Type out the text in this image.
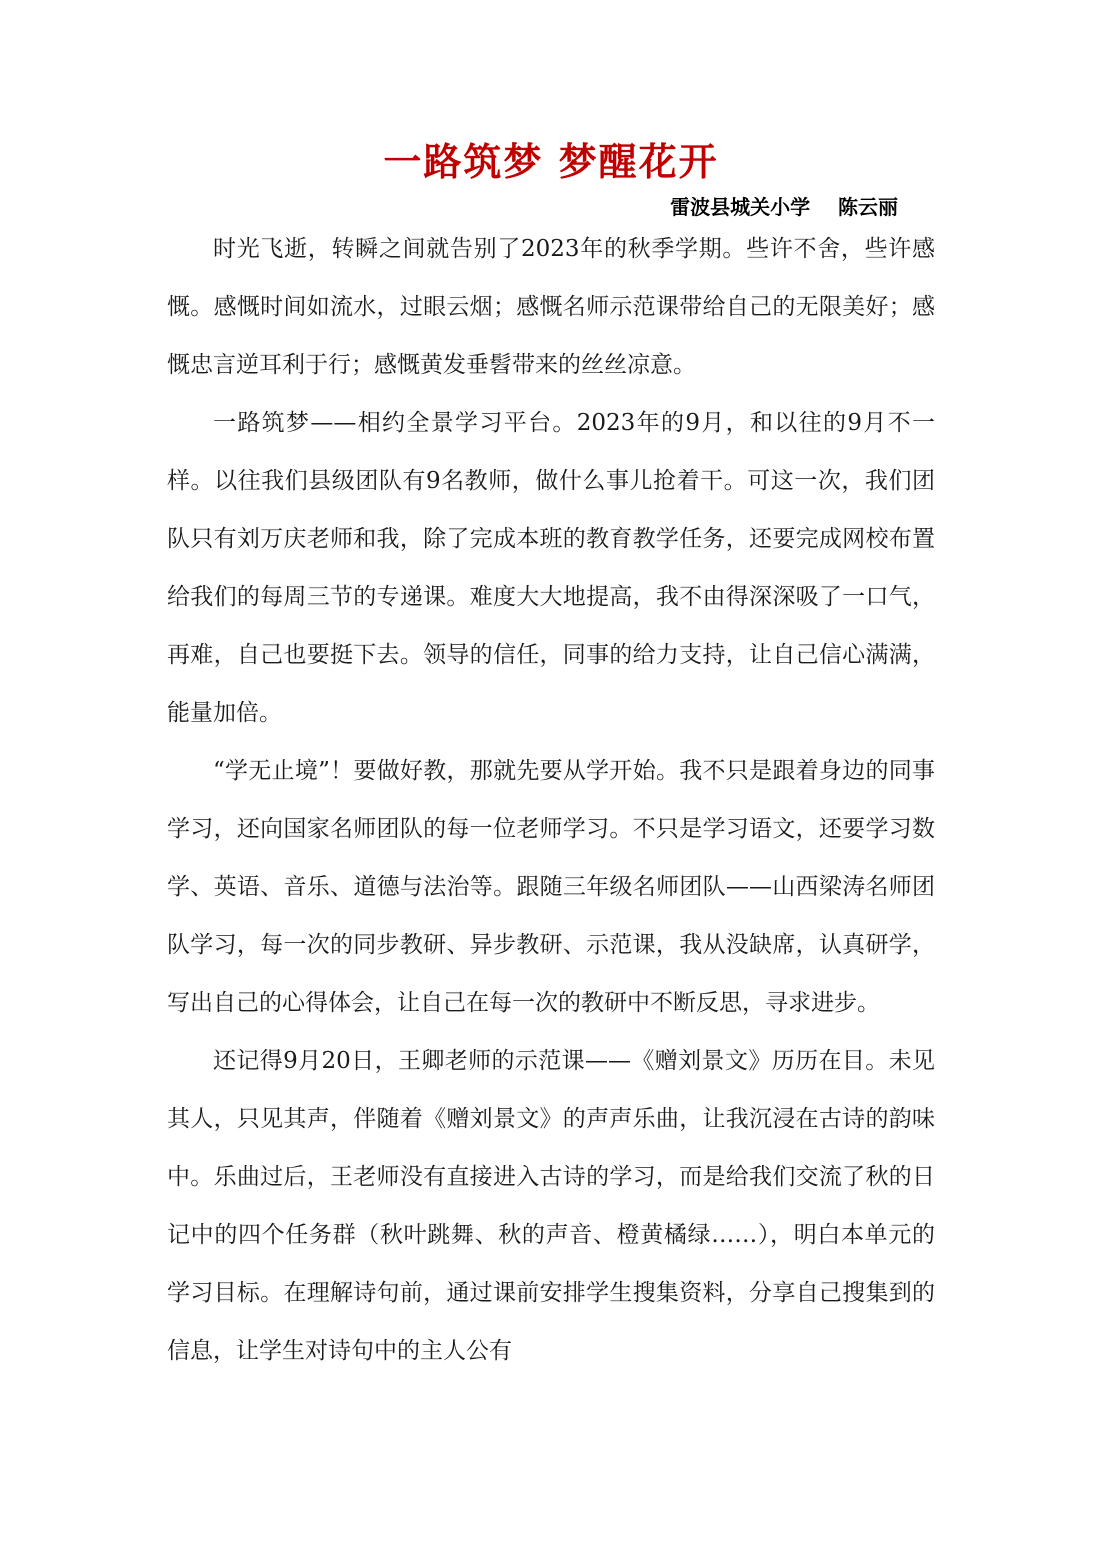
一路筑梦 梦醒花开
雷波县城关小学    陈云丽

时光飞逝，转瞬之间就告别了2023年的秋季学期。些许不舍，些许感慨。感慨时间如流水，过眼云烟；感慨名师示范课带给自己的无限美好；感慨忠言逆耳利于行；感慨黄发垂髫带来的丝丝凉意。

一路筑梦——相约全景学习平台。2023年的9月，和以往的9月不一样。以往我们县级团队有9名教师，做什么事儿抢着干。可这一次，我们团队只有刘万庆老师和我，除了完成本班的教育教学任务，还要完成网校布置给我们的每周三节的专递课。难度大大地提高，我不由得深深吸了一口气，再难，自己也要挺下去。领导的信任，同事的给力支持，让自己信心满满，能量加倍。

“学无止境”！要做好教，那就先要从学开始。我不只是跟着身边的同事学习，还向国家名师团队的每一位老师学习。不只是学习语文，还要学习数学、英语、音乐、道德与法治等。跟随三年级名师团队——山西梁涛名师团队学习，每一次的同步教研、异步教研、示范课，我从没缺席，认真研学，写出自己的心得体会，让自己在每一次的教研中不断反思，寻求进步。

还记得9月20日，王卿老师的示范课——《赠刘景文》历历在目。未见其人，只见其声，伴随着《赠刘景文》的声声乐曲，让我沉浸在古诗的韵味中。乐曲过后，王老师没有直接进入古诗的学习，而是给我们交流了秋的日记中的四个任务群（秋叶跳舞、秋的声音、橙黄橘绿……），明白本单元的学习目标。在理解诗句前，通过课前安排学生搜集资料，分享自己搜集到的信息，让学生对诗句中的主人公有
